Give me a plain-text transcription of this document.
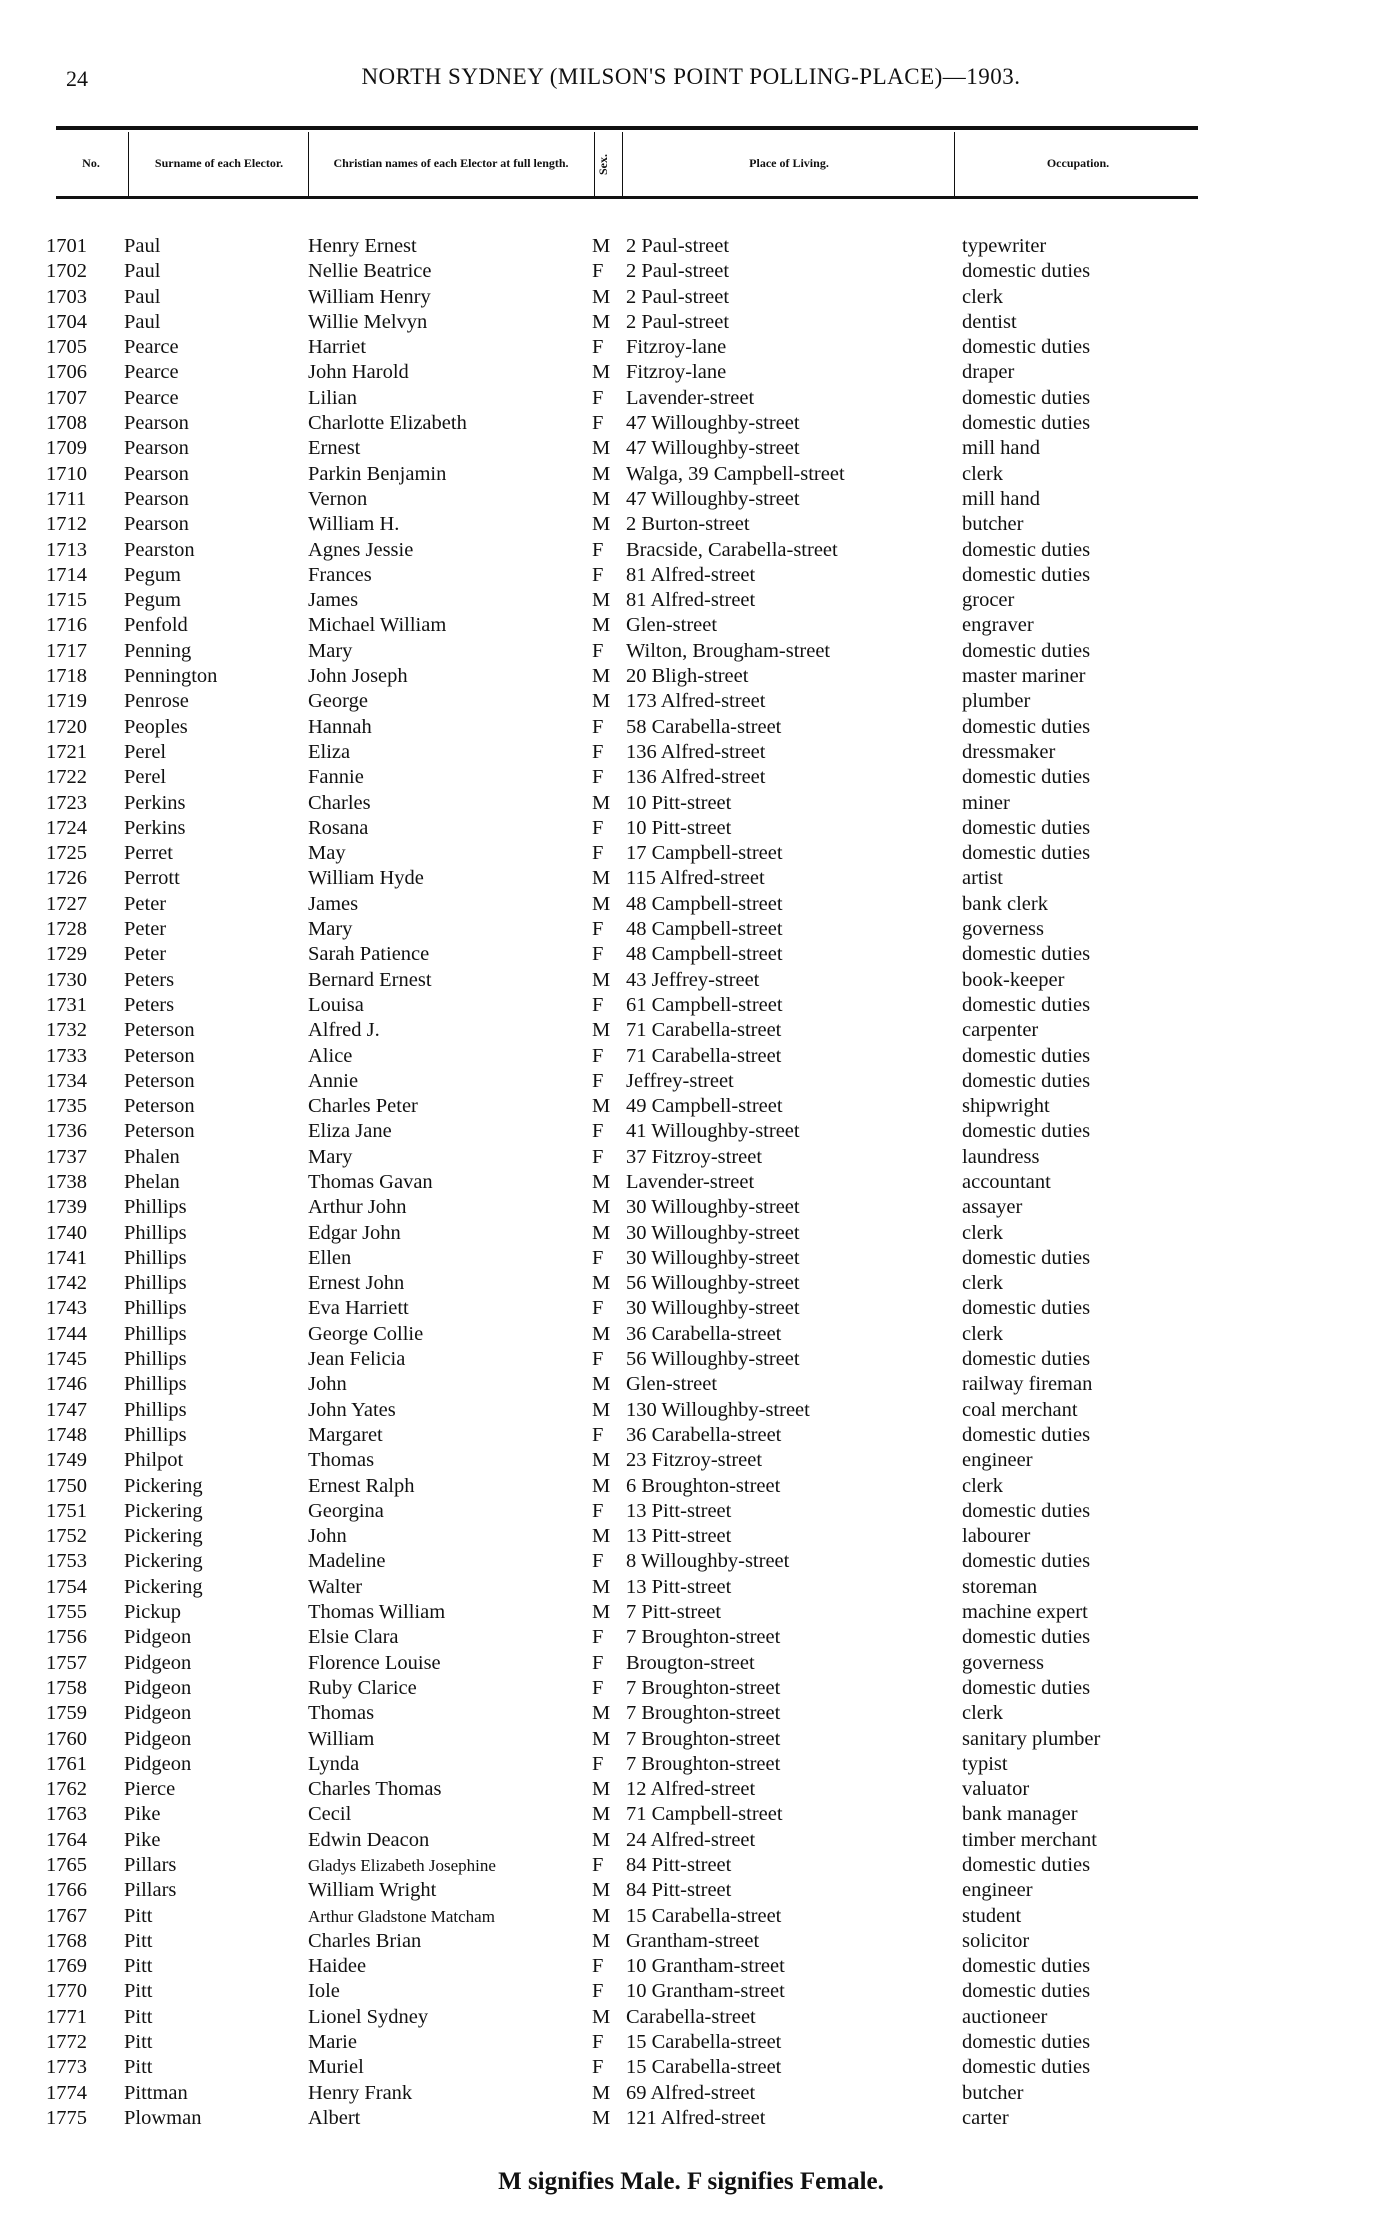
24	NORTH SYDNEY (MILSON'S POINT POLLING-PLACE)—1903.
No.	Surname of each Elector.	Christian names of each Elector at full length.	Sex.	Place of Living.	Occupation.
1701 Paul	Henry Ernest	M 2 Paul-street	typewriter
1702 Paul	Nellie Beatrice	F 2 Paul-street	domestic duties
1703 Paul	William Henry	M 2 Paul-street	clerk
1704 Paul	Willie Melvyn	M 2 Paul-street	dentist
1705 Pearce	Harriet	F Fitzroy-lane	domestic duties
1706 Pearce	John Harold	M Fitzroy-lane	draper
1707 Pearce	Lilian	F Lavender-street	domestic duties
1708 Pearson	Charlotte Elizabeth	F 47 Willoughby-street	domestic duties
1709 Pearson	Ernest	M 47 Willoughby-street	mill hand
1710 Pearson	Parkin Benjamin	M Walga, 39 Campbell-street	clerk
1711 Pearson	Vernon	M 47 Willoughby-street	mill hand
1712 Pearson	William H.	M 2 Burton-street	butcher
1713 Pearston	Agnes Jessie	F Bracside, Carabella-street	domestic duties
1714 Pegum	Frances	F 81 Alfred-street	domestic duties
1715 Pegum	James	M 81 Alfred-street	grocer
1716 Penfold	Michael William	M Glen-street	engraver
1717 Penning	Mary	F Wilton, Brougham-street	domestic duties
1718 Pennington	John Joseph	M 20 Bligh-street	master mariner
1719 Penrose	George	M 173 Alfred-street	plumber
1720 Peoples	Hannah	F 58 Carabella-street	domestic duties
1721 Perel	Eliza	F 136 Alfred-street	dressmaker
1722 Perel	Fannie	F 136 Alfred-street	domestic duties
1723 Perkins	Charles	M 10 Pitt-street	miner
1724 Perkins	Rosana	F 10 Pitt-street	domestic duties
1725 Perret	May	F 17 Campbell-street	domestic duties
1726 Perrott	William Hyde	M 115 Alfred-street	artist
1727 Peter	James	M 48 Campbell-street	bank clerk
1728 Peter	Mary	F 48 Campbell-street	governess
1729 Peter	Sarah Patience	F 48 Campbell-street	domestic duties
1730 Peters	Bernard Ernest	M 43 Jeffrey-street	book-keeper
1731 Peters	Louisa	F 61 Campbell-street	domestic duties
1732 Peterson	Alfred J.	M 71 Carabella-street	carpenter
1733 Peterson	Alice	F 71 Carabella-street	domestic duties
1734 Peterson	Annie	F Jeffrey-street	domestic duties
1735 Peterson	Charles Peter	M 49 Campbell-street	shipwright
1736 Peterson	Eliza Jane	F 41 Willoughby-street	domestic duties
1737 Phalen	Mary	F 37 Fitzroy-street	laundress
1738 Phelan	Thomas Gavan	M Lavender-street	accountant
1739 Phillips	Arthur John	M 30 Willoughby-street	assayer
1740 Phillips	Edgar John	M 30 Willoughby-street	clerk
1741 Phillips	Ellen	F 30 Willoughby-street	domestic duties
1742 Phillips	Ernest John	M 56 Willoughby-street	clerk
1743 Phillips	Eva Harriett	F 30 Willoughby-street	domestic duties
1744 Phillips	George Collie	M 36 Carabella-street	clerk
1745 Phillips	Jean Felicia	F 56 Willoughby-street	domestic duties
1746 Phillips	John	M Glen-street	railway fireman
1747 Phillips	John Yates	M 130 Willoughby-street	coal merchant
1748 Phillips	Margaret	F 36 Carabella-street	domestic duties
1749 Philpot	Thomas	M 23 Fitzroy-street	engineer
1750 Pickering	Ernest Ralph	M 6 Broughton-street	clerk
1751 Pickering	Georgina	F 13 Pitt-street	domestic duties
1752 Pickering	John	M 13 Pitt-street	labourer
1753 Pickering	Madeline	F 8 Willoughby-street	domestic duties
1754 Pickering	Walter	M 13 Pitt-street	storeman
1755 Pickup	Thomas William	M 7 Pitt-street	machine expert
1756 Pidgeon	Elsie Clara	F 7 Broughton-street	domestic duties
1757 Pidgeon	Florence Louise	F Brougton-street	governess
1758 Pidgeon	Ruby Clarice	F 7 Broughton-street	domestic duties
1759 Pidgeon	Thomas	M 7 Broughton-street	clerk
1760 Pidgeon	William	M 7 Broughton-street	sanitary plumber
1761 Pidgeon	Lynda	F 7 Broughton-street	typist
1762 Pierce	Charles Thomas	M 12 Alfred-street	valuator
1763 Pike	Cecil	M 71 Campbell-street	bank manager
1764 Pike	Edwin Deacon	M 24 Alfred-street	timber merchant
1765 Pillars	Gladys Elizabeth Josephine	F 84 Pitt-street	domestic duties
1766 Pillars	William Wright	M 84 Pitt-street	engineer
1767 Pitt	Arthur Gladstone Matcham	M 15 Carabella-street	student
1768 Pitt	Charles Brian	M Grantham-street	solicitor
1769 Pitt	Haidee	F 10 Grantham-street	domestic duties
1770 Pitt	Iole	F 10 Grantham-street	domestic duties
1771 Pitt	Lionel Sydney	M Carabella-street	auctioneer
1772 Pitt	Marie	F 15 Carabella-street	domestic duties
1773 Pitt	Muriel	F 15 Carabella-street	domestic duties
1774 Pittman	Henry Frank	M 69 Alfred-street	butcher
1775 Plowman	Albert	M 121 Alfred-street	carter
M signifies Male. F signifies Female.
